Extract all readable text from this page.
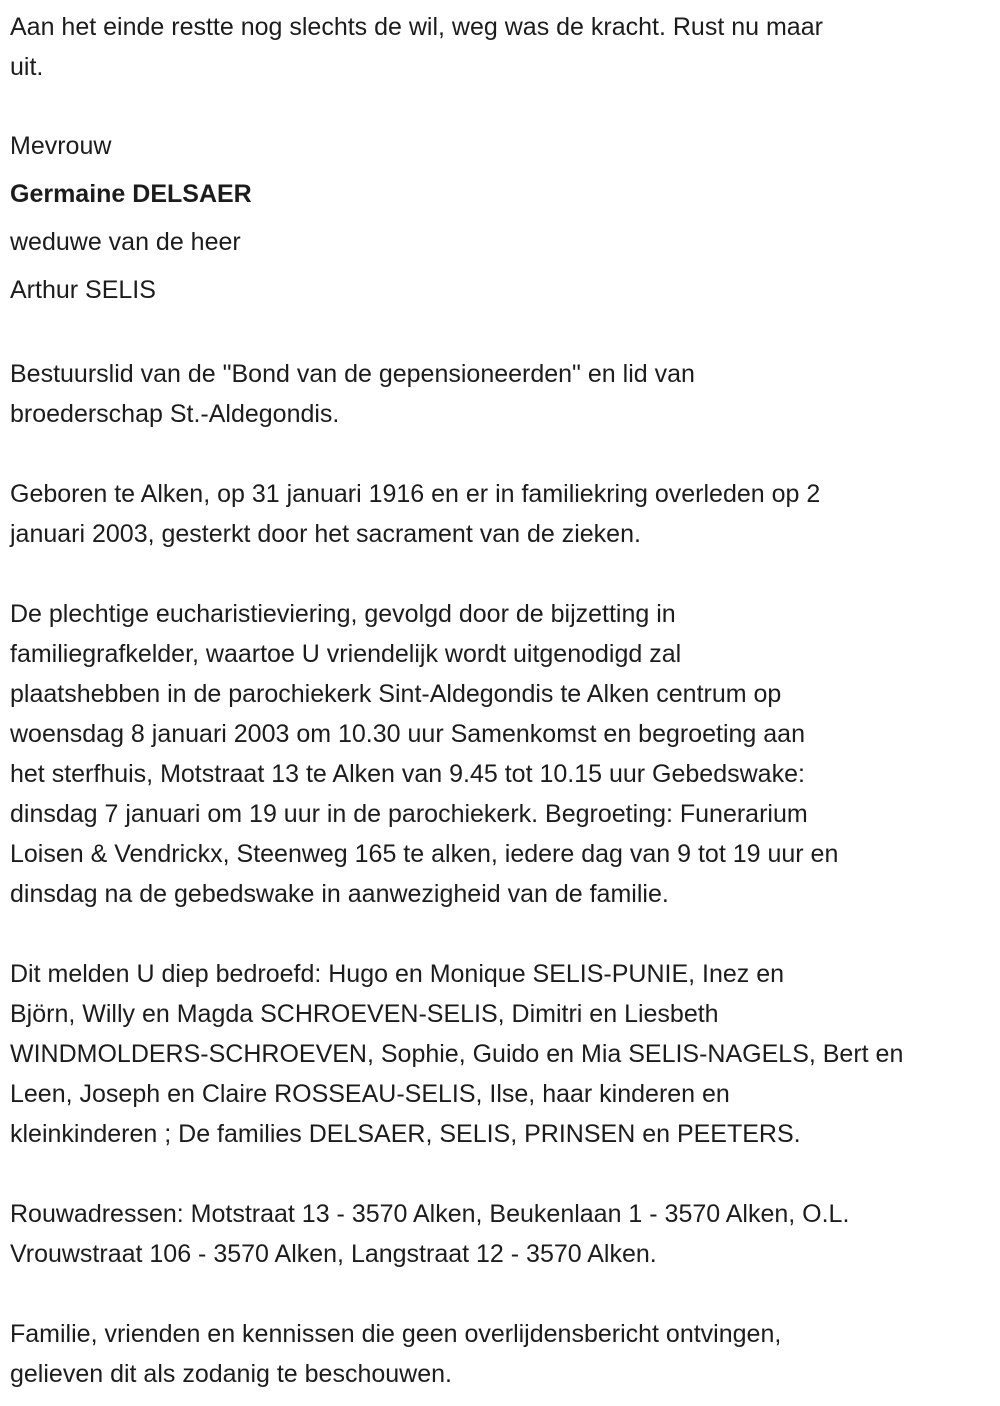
Aan het einde restte nog slechts de wil, weg was de kracht. Rust nu maar
uit.
Mevrouw
Germaine DELSAER
weduwe van de heer
Arthur SELIS
Bestuurslid van de "Bond van de gepensioneerden" en lid van
broederschap St.-Aldegondis.
Geboren te Alken, op 31 januari 1916 en er in familiekring overleden op 2
januari 2003, gesterkt door het sacrament van de zieken.
De plechtige eucharistieviering, gevolgd door de bijzetting in
familiegrafkelder, waartoe U vriendelijk wordt uitgenodigd zal
plaatshebben in de parochiekerk Sint-Aldegondis te Alken centrum op
woensdag 8 januari 2003 om 10.30 uur Samenkomst en begroeting aan
het sterfhuis, Motstraat 13 te Alken van 9.45 tot 10.15 uur Gebedswake:
dinsdag 7 januari om 19 uur in de parochiekerk. Begroeting: Funerarium
Loisen & Vendrickx, Steenweg 165 te alken, iedere dag van 9 tot 19 uur en
dinsdag na de gebedswake in aanwezigheid van de familie.
Dit melden U diep bedroefd: Hugo en Monique SELIS-PUNIE, Inez en
Björn, Willy en Magda SCHROEVEN-SELIS, Dimitri en Liesbeth
WINDMOLDERS-SCHROEVEN, Sophie, Guido en Mia SELIS-NAGELS, Bert en
Leen, Joseph en Claire ROSSEAU-SELIS, Ilse, haar kinderen en
kleinkinderen ; De families DELSAER, SELIS, PRINSEN en PEETERS.
Rouwadressen: Motstraat 13 - 3570 Alken, Beukenlaan 1 - 3570 Alken, O.L.
Vrouwstraat 106 - 3570 Alken, Langstraat 12 - 3570 Alken.
Familie, vrienden en kennissen die geen overlijdensbericht ontvingen,
gelieven dit als zodanig te beschouwen.
